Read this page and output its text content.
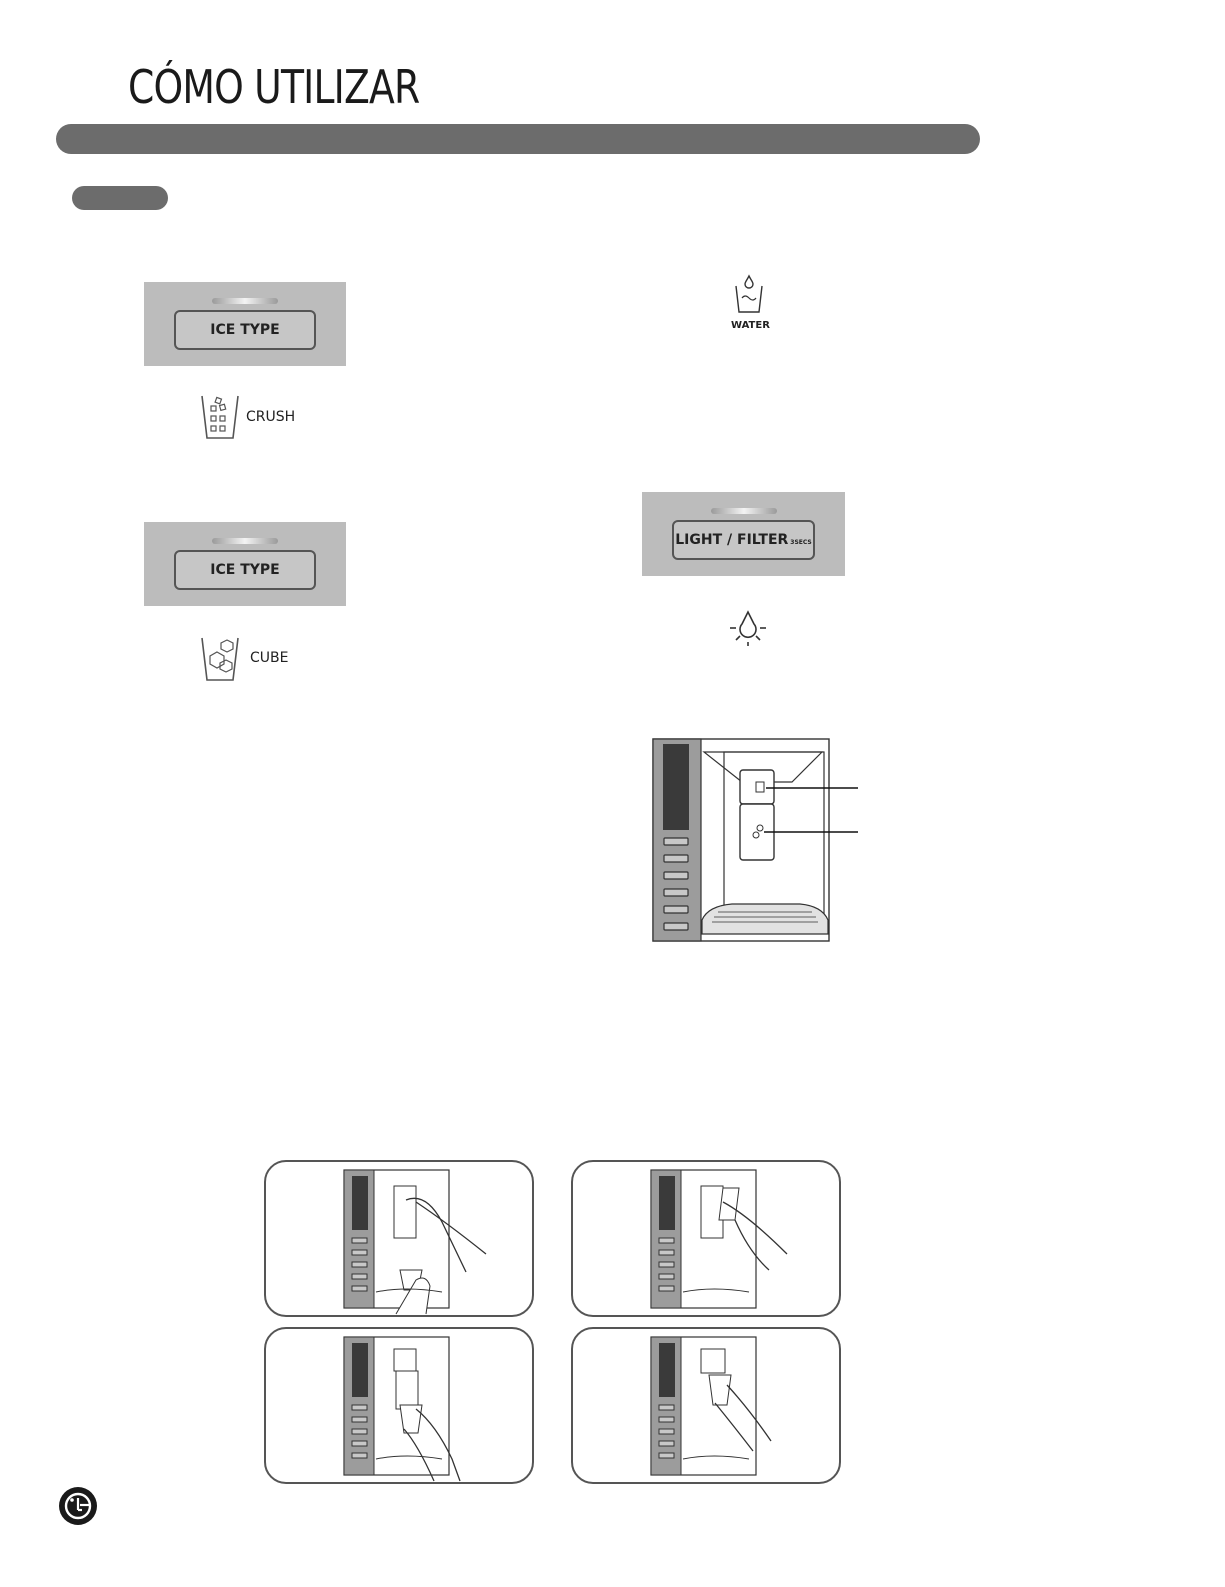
CÓMO UTILIZAR
ICE TYPE
CRUSH
ICE TYPE
CUBE
WATER
LIGHT / FILTER 3SECS
